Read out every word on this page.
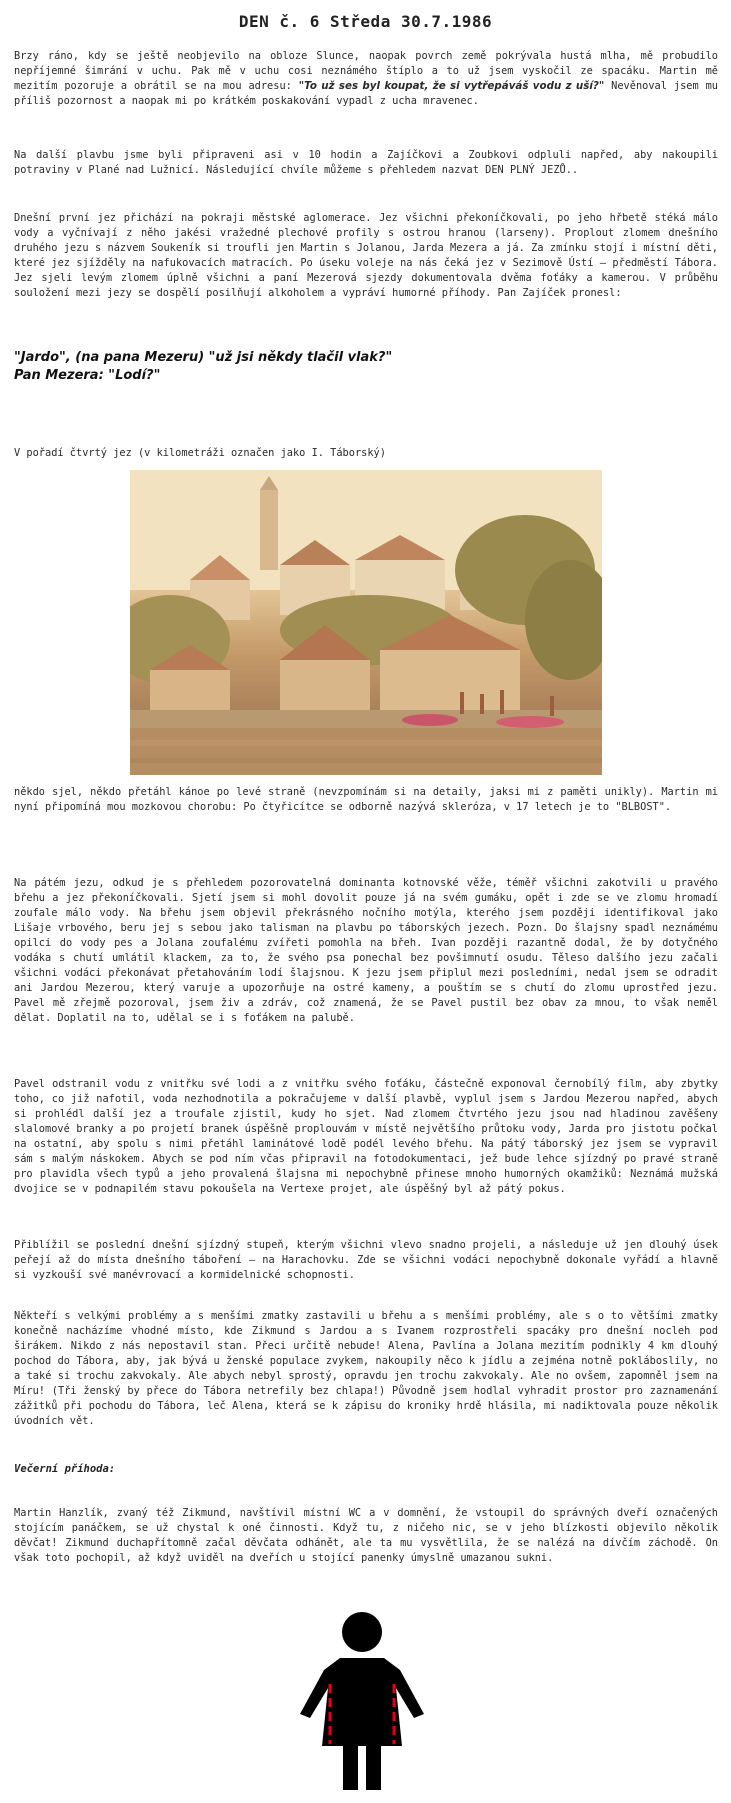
DEN č. 6 Středa 30.7.1986

Brzy ráno, kdy se ještě neobjevilo na obloze Slunce, naopak povrch země pokrývala hustá mlha, mě probudilo nepříjemné šimrání v uchu. Pak mě v uchu cosi neznámého štíplo a to už jsem vyskočil ze spacáku. Martin mě mezitím pozoruje a obrátil se na mou adresu: "To už ses byl koupat, že si vytřepáváš vodu z uší?" Nevěnoval jsem mu příliš pozornost a naopak mi po krátkém poskakování vypadl z ucha mravenec.

Na další plavbu jsme byli připraveni asi v 10 hodin a Zajíčkovi a Zoubkovi odpluli napřed, aby nakoupili potraviny v Plané nad Lužnicí. Následující chvíle můžeme s přehledem nazvat DEN PLNÝ JEZŮ..

Dnešní první jez přichází na pokraji městské aglomerace. Jez všichni překoníčkovali, po jeho hřbetě stéká málo vody a vyčnívají z něho jakési vražedné plechové profily s ostrou hranou (larseny). Proplout zlomem dnešního druhého jezu s názvem Soukeník si troufli jen Martin s Jolanou, Jarda Mezera a já. Za zmínku stojí i místní děti, které jez sjížděly na nafukovacích matracích. Po úseku voleje na nás čeká jez v Sezimově Ústí – předměstí Tábora. Jez sjeli levým zlomem úplně všichni a paní Mezerová sjezdy dokumentovala dvěma foťáky a kamerou. V průběhu souložení mezi jezy se dospělí posilňují alkoholem a vypráví humorné příhody. Pan Zajíček pronesl:

"Jardo", (na pana Mezeru) "už jsi někdy tlačil vlak?"
Pan Mezera: "Lodí?"

V pořadí čtvrtý jez (v kilometráži označen jako I. Táborský)

někdo sjel, někdo přetáhl kánoe po levé straně (nevzpomínám si na detaily, jaksi mi z paměti unikly). Martin mi nyní připomíná mou mozkovou chorobu: Po čtyřicítce se odborně nazývá skleróza, v 17 letech je to "BLBOST".

Na pátém jezu, odkud je s přehledem pozorovatelná dominanta kotnovské věže, téměř všichni zakotvili u pravého břehu a jez překoníčkovali. Sjetí jsem si mohl dovolit pouze já na svém gumáku, opět i zde se ve zlomu hromadí zoufale málo vody. Na břehu jsem objevil překrásného nočního motýla, kterého jsem později identifikoval jako Lišaje vrbového, beru jej s sebou jako talisman na plavbu po táborských jezech. Pozn. Do šlajsny spadl neznámému opilci do vody pes a Jolana zoufalému zvířeti pomohla na břeh. Ivan později razantně dodal, že by dotyčného vodáka s chutí umlátil klackem, za to, že svého psa ponechal bez povšimnutí osudu. Těleso dalšího jezu začali všichni vodáci překonávat přetahováním lodí šlajsnou. K jezu jsem připlul mezi posledními, nedal jsem se odradit ani Jardou Mezerou, který varuje a upozorňuje na ostré kameny, a pouštím se s chutí do zlomu uprostřed jezu. Pavel mě zřejmě pozoroval, jsem živ a zdráv, což znamená, že se Pavel pustil bez obav za mnou, to však neměl dělat. Doplatil na to, udělal se i s foťákem na palubě.

Pavel odstranil vodu z vnitřku své lodi a z vnitřku svého foťáku, částečně exponoval černobílý film, aby zbytky toho, co již nafotil, voda nezhodnotila a pokračujeme v další plavbě, vyplul jsem s Jardou Mezerou napřed, abych si prohlédl další jez a troufale zjistil, kudy ho sjet. Nad zlomem čtvrtého jezu jsou nad hladinou zavěšeny slalomové branky a po projetí branek úspěšně proplouvám v místě největšího průtoku vody, Jarda pro jistotu počkal na ostatní, aby spolu s nimi přetáhl laminátové lodě podél levého břehu. Na pátý táborský jez jsem se vypravil sám s malým náskokem. Abych se pod ním včas připravil na fotodokumentaci, jež bude lehce sjízdný po pravé straně pro plavidla všech typů a jeho provalená šlajsna mi nepochybně přinese mnoho humorných okamžiků: Neznámá mužská dvojice se v podnapilém stavu pokoušela na Vertexe projet, ale úspěšný byl až pátý pokus.

Přiblížil se poslední dnešní sjízdný stupeň, kterým všichni vlevo snadno projeli, a následuje už jen dlouhý úsek peřejí až do místa dnešního táboření – na Harachovku. Zde se všichni vodáci nepochybně dokonale vyřádí a hlavně si vyzkouší své manévrovací a kormidelnické schopnosti.

Někteří s velkými problémy a s menšími zmatky zastavili u břehu a s menšími problémy, ale s o to většími zmatky konečně nacházíme vhodné místo, kde Zikmund s Jardou a s Ivanem rozprostřeli spacáky pro dnešní nocleh pod širákem. Nikdo z nás nepostavil stan. Přeci určitě nebude! Alena, Pavlína a Jolana mezitím podnikly 4 km dlouhý pochod do Tábora, aby, jak bývá u ženské populace zvykem, nakoupily něco k jídlu a zejména notně pokláboslily, no a také si trochu zakvokaly. Ale abych nebyl sprostý, opravdu jen trochu zakvokaly. Ale no ovšem, zapomněl jsem na Míru! (Tři ženský by přece do Tábora netrefily bez chlapa!) Původně jsem hodlal vyhradit prostor pro zaznamenání zážitků při pochodu do Tábora, leč Alena, která se k zápisu do kroniky hrdě hlásila, mi nadiktovala pouze několik úvodních vět.

Večerní příhoda:

Martin Hanzlík, zvaný též Zikmund, navštívil místní WC a v domnění, že vstoupil do správných dveří označených stojícím panáčkem, se už chystal k oné činnosti. Když tu, z ničeho nic, se v jeho blízkosti objevilo několik děvčat! Zikmund duchapřítomně začal děvčata odhánět, ale ta mu vysvětlila, že se nalézá na dívčím záchodě. On však toto pochopil, až když uviděl na dveřích u stojící panenky úmyslně umazanou sukni.
